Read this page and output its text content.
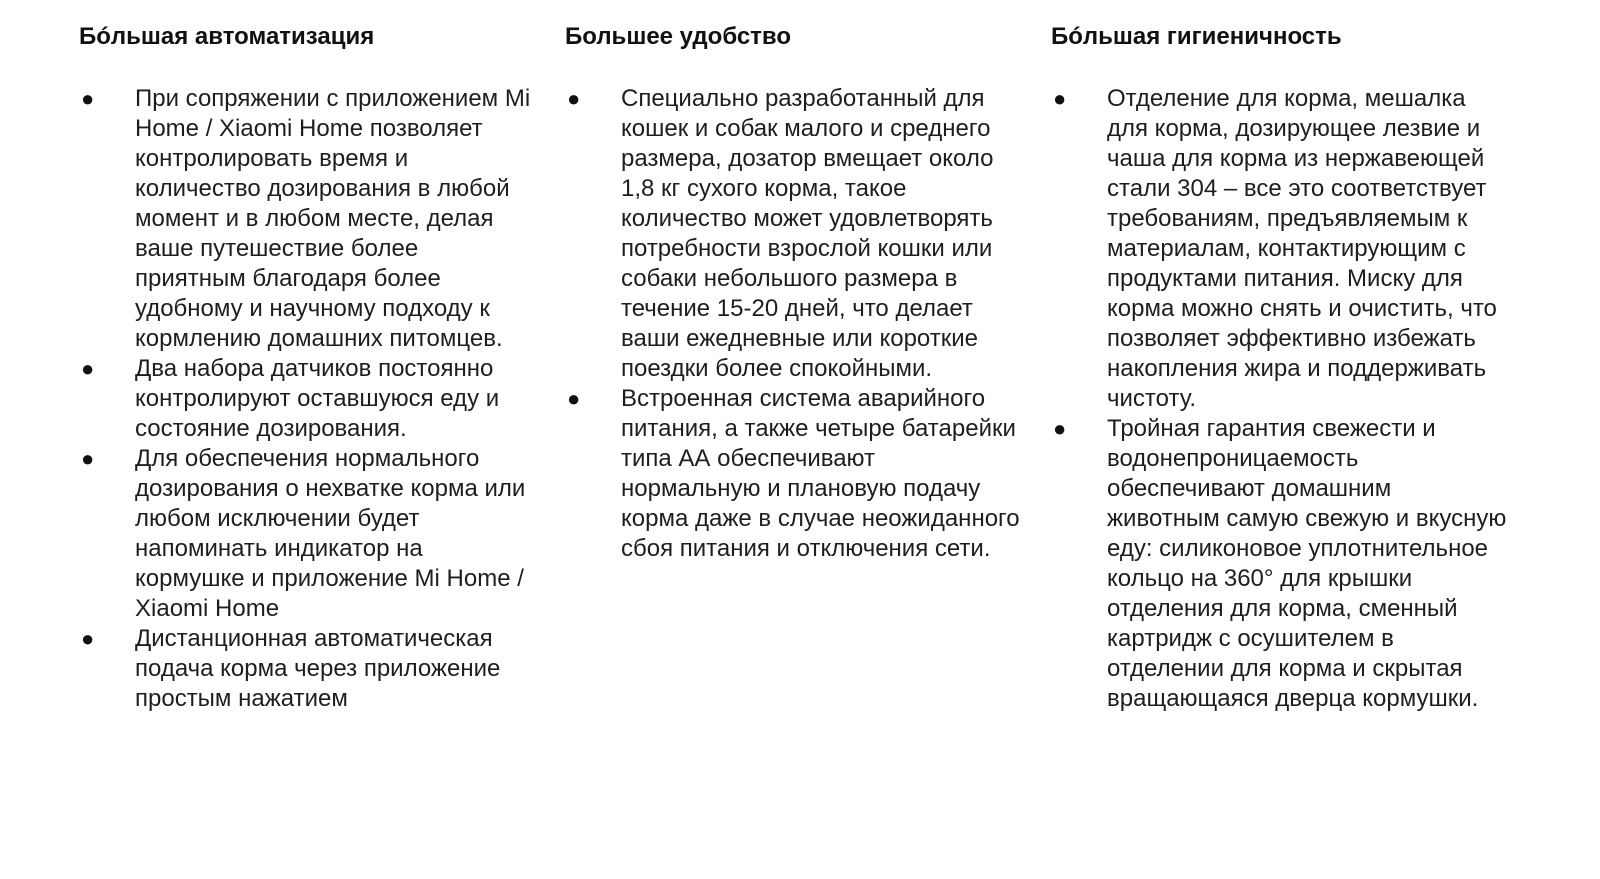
Бóльшая автоматизация
● При сопряжении с приложением Mi Home / Xiaomi Home позволяет контролировать время и количество дозирования в любой момент и в любом месте, делая ваше путешествие более приятным благодаря более удобному и научному подходу к кормлению домашних питомцев.
● Два набора датчиков постоянно контролируют оставшуюся еду и состояние дозирования.
● Для обеспечения нормального дозирования о нехватке корма или любом исключении будет напоминать индикатор на кормушке и приложение Mi Home / Xiaomi Home
● Дистанционная автоматическая подача корма через приложение простым нажатием
Большее удобство
● Специально разработанный для кошек и собак малого и среднего размера, дозатор вмещает около 1,8 кг сухого корма, такое количество может удовлетворять потребности взрослой кошки или собаки небольшого размера в течение 15-20 дней, что делает ваши ежедневные или короткие поездки более спокойными.
● Встроенная система аварийного питания, а также четыре батарейки типа АА обеспечивают нормальную и плановую подачу корма даже в случае неожиданного сбоя питания и отключения сети.
Бóльшая гигиеничность
● Отделение для корма, мешалка для корма, дозирующее лезвие и чаша для корма из нержавеющей стали 304 – все это соответствует требованиям, предъявляемым к материалам, контактирующим с продуктами питания. Миску для корма можно снять и очистить, что позволяет эффективно избежать накопления жира и поддерживать чистоту.
● Тройная гарантия свежести и водонепроницаемость обеспечивают домашним животным самую свежую и вкусную еду: силиконовое уплотнительное кольцо на 360° для крышки отделения для корма, сменный картридж с осушителем в отделении для корма и скрытая вращающаяся дверца кормушки.
